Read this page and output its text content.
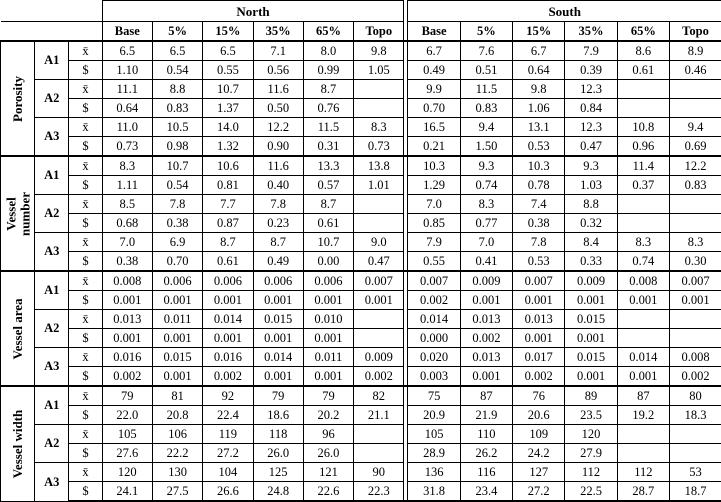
			North							South					
			Base	5%	15%	35%	65%	Topo		Base	5%	15%	35%	65%	Topo

Porosity	A1	x̄	6.5	6.5	6.5	7.1	8.0	9.8		6.7	7.6	6.7	7.9	8.6	8.9
		$	1.10	0.54	0.55	0.56	0.99	1.05		0.49	0.51	0.64	0.39	0.61	0.46
	A2	x̄	11.1	8.8	10.7	11.6	8.7			9.9	11.5	9.8	12.3		
		$	0.64	0.83	1.37	0.50	0.76			0.70	0.83	1.06	0.84		
	A3	x̄	11.0	10.5	14.0	12.2	11.5	8.3		16.5	9.4	13.1	12.3	10.8	9.4
		$	0.73	0.98	1.32	0.90	0.31	0.73		0.21	1.50	0.53	0.47	0.96	0.69

Vessel number	A1	x̄	8.3	10.7	10.6	11.6	13.3	13.8		10.3	9.3	10.3	9.3	11.4	12.2
		$	1.11	0.54	0.81	0.40	0.57	1.01		1.29	0.74	0.78	1.03	0.37	0.83
	A2	x̄	8.5	7.8	7.7	7.8	8.7			7.0	8.3	7.4	8.8		
		$	0.68	0.38	0.87	0.23	0.61			0.85	0.77	0.38	0.32		
	A3	x̄	7.0	6.9	8.7	8.7	10.7	9.0		7.9	7.0	7.8	8.4	8.3	8.3
		$	0.38	0.70	0.61	0.49	0.00	0.47		0.55	0.41	0.53	0.33	0.74	0.30

Vessel area	A1	x̄	0.008	0.006	0.006	0.006	0.006	0.007		0.007	0.009	0.007	0.009	0.008	0.007
		$	0.001	0.001	0.001	0.001	0.001	0.001		0.002	0.001	0.001	0.001	0.001	0.001
	A2	x̄	0.013	0.011	0.014	0.015	0.010			0.014	0.013	0.013	0.015		
		$	0.001	0.001	0.001	0.001	0.001			0.000	0.002	0.001	0.001		
	A3	x̄	0.016	0.015	0.016	0.014	0.011	0.009		0.020	0.013	0.017	0.015	0.014	0.008
		$	0.002	0.001	0.002	0.001	0.001	0.002		0.003	0.001	0.002	0.001	0.001	0.002

Vessel width	A1	x̄	79	81	92	79	79	82		75	87	76	89	87	80
		$	22.0	20.8	22.4	18.6	20.2	21.1		20.9	21.9	20.6	23.5	19.2	18.3
	A2	x̄	105	106	119	118	96			105	110	109	120		
		$	27.6	22.2	27.2	26.0	26.0			28.9	26.2	24.2	27.9		
	A3	x̄	120	130	104	125	121	90		136	116	127	112	112	53
		$	24.1	27.5	26.6	24.8	22.6	22.3		31.8	23.4	27.2	22.5	28.7	18.7
